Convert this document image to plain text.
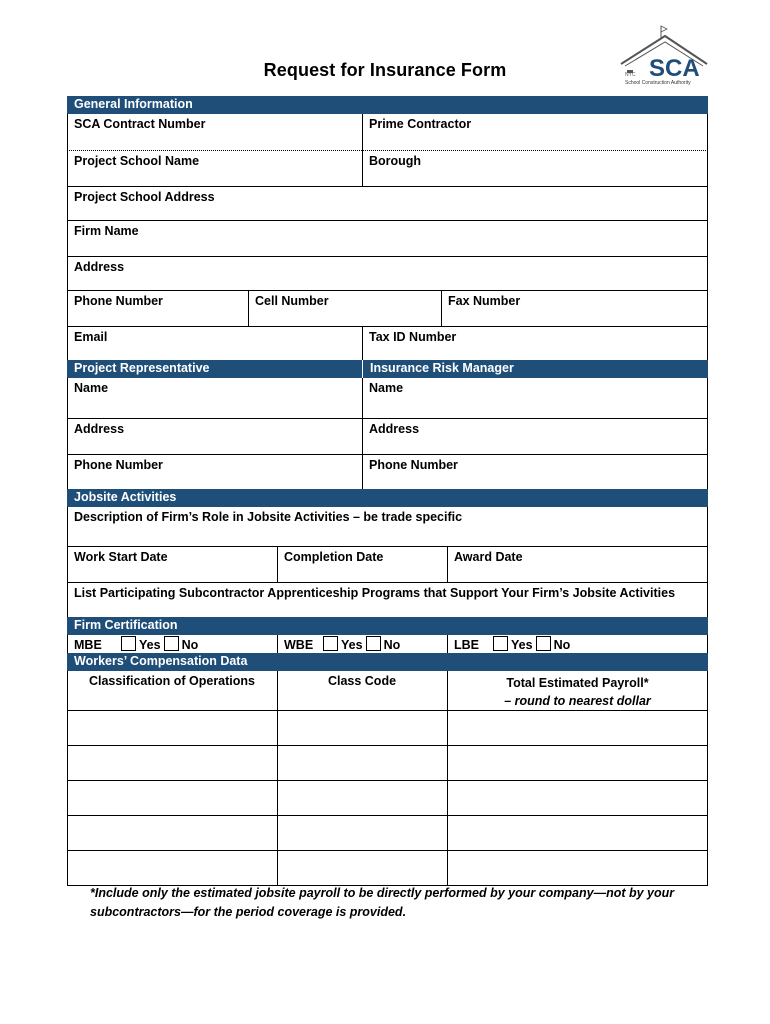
Request for Insurance Form	NYC SCA
School Construction Authority
General Information
SCA Contract Number	Prime Contractor
Project School Name	Borough
Project School Address
Firm Name
Address
Phone Number	Cell Number	Fax Number
Email	Tax ID Number
Project Representative	Insurance Risk Manager
Name	Name
Address	Address
Phone Number	Phone Number
Jobsite Activities
Description of Firm’s Role in Jobsite Activities – be trade specific
Work Start Date	Completion Date	Award Date
List Participating Subcontractor Apprenticeship Programs that Support Your Firm’s Jobsite Activities
Firm Certification
MBE	Yes No	WBE Yes No	LBE	Yes No
Workers’ Compensation Data
Classification of Operations	Class Code	Total Estimated Payroll*
– round to nearest dollar
*Include only the estimated jobsite payroll to be directly performed by your company—not by your subcontractors—for the period coverage is provided.
